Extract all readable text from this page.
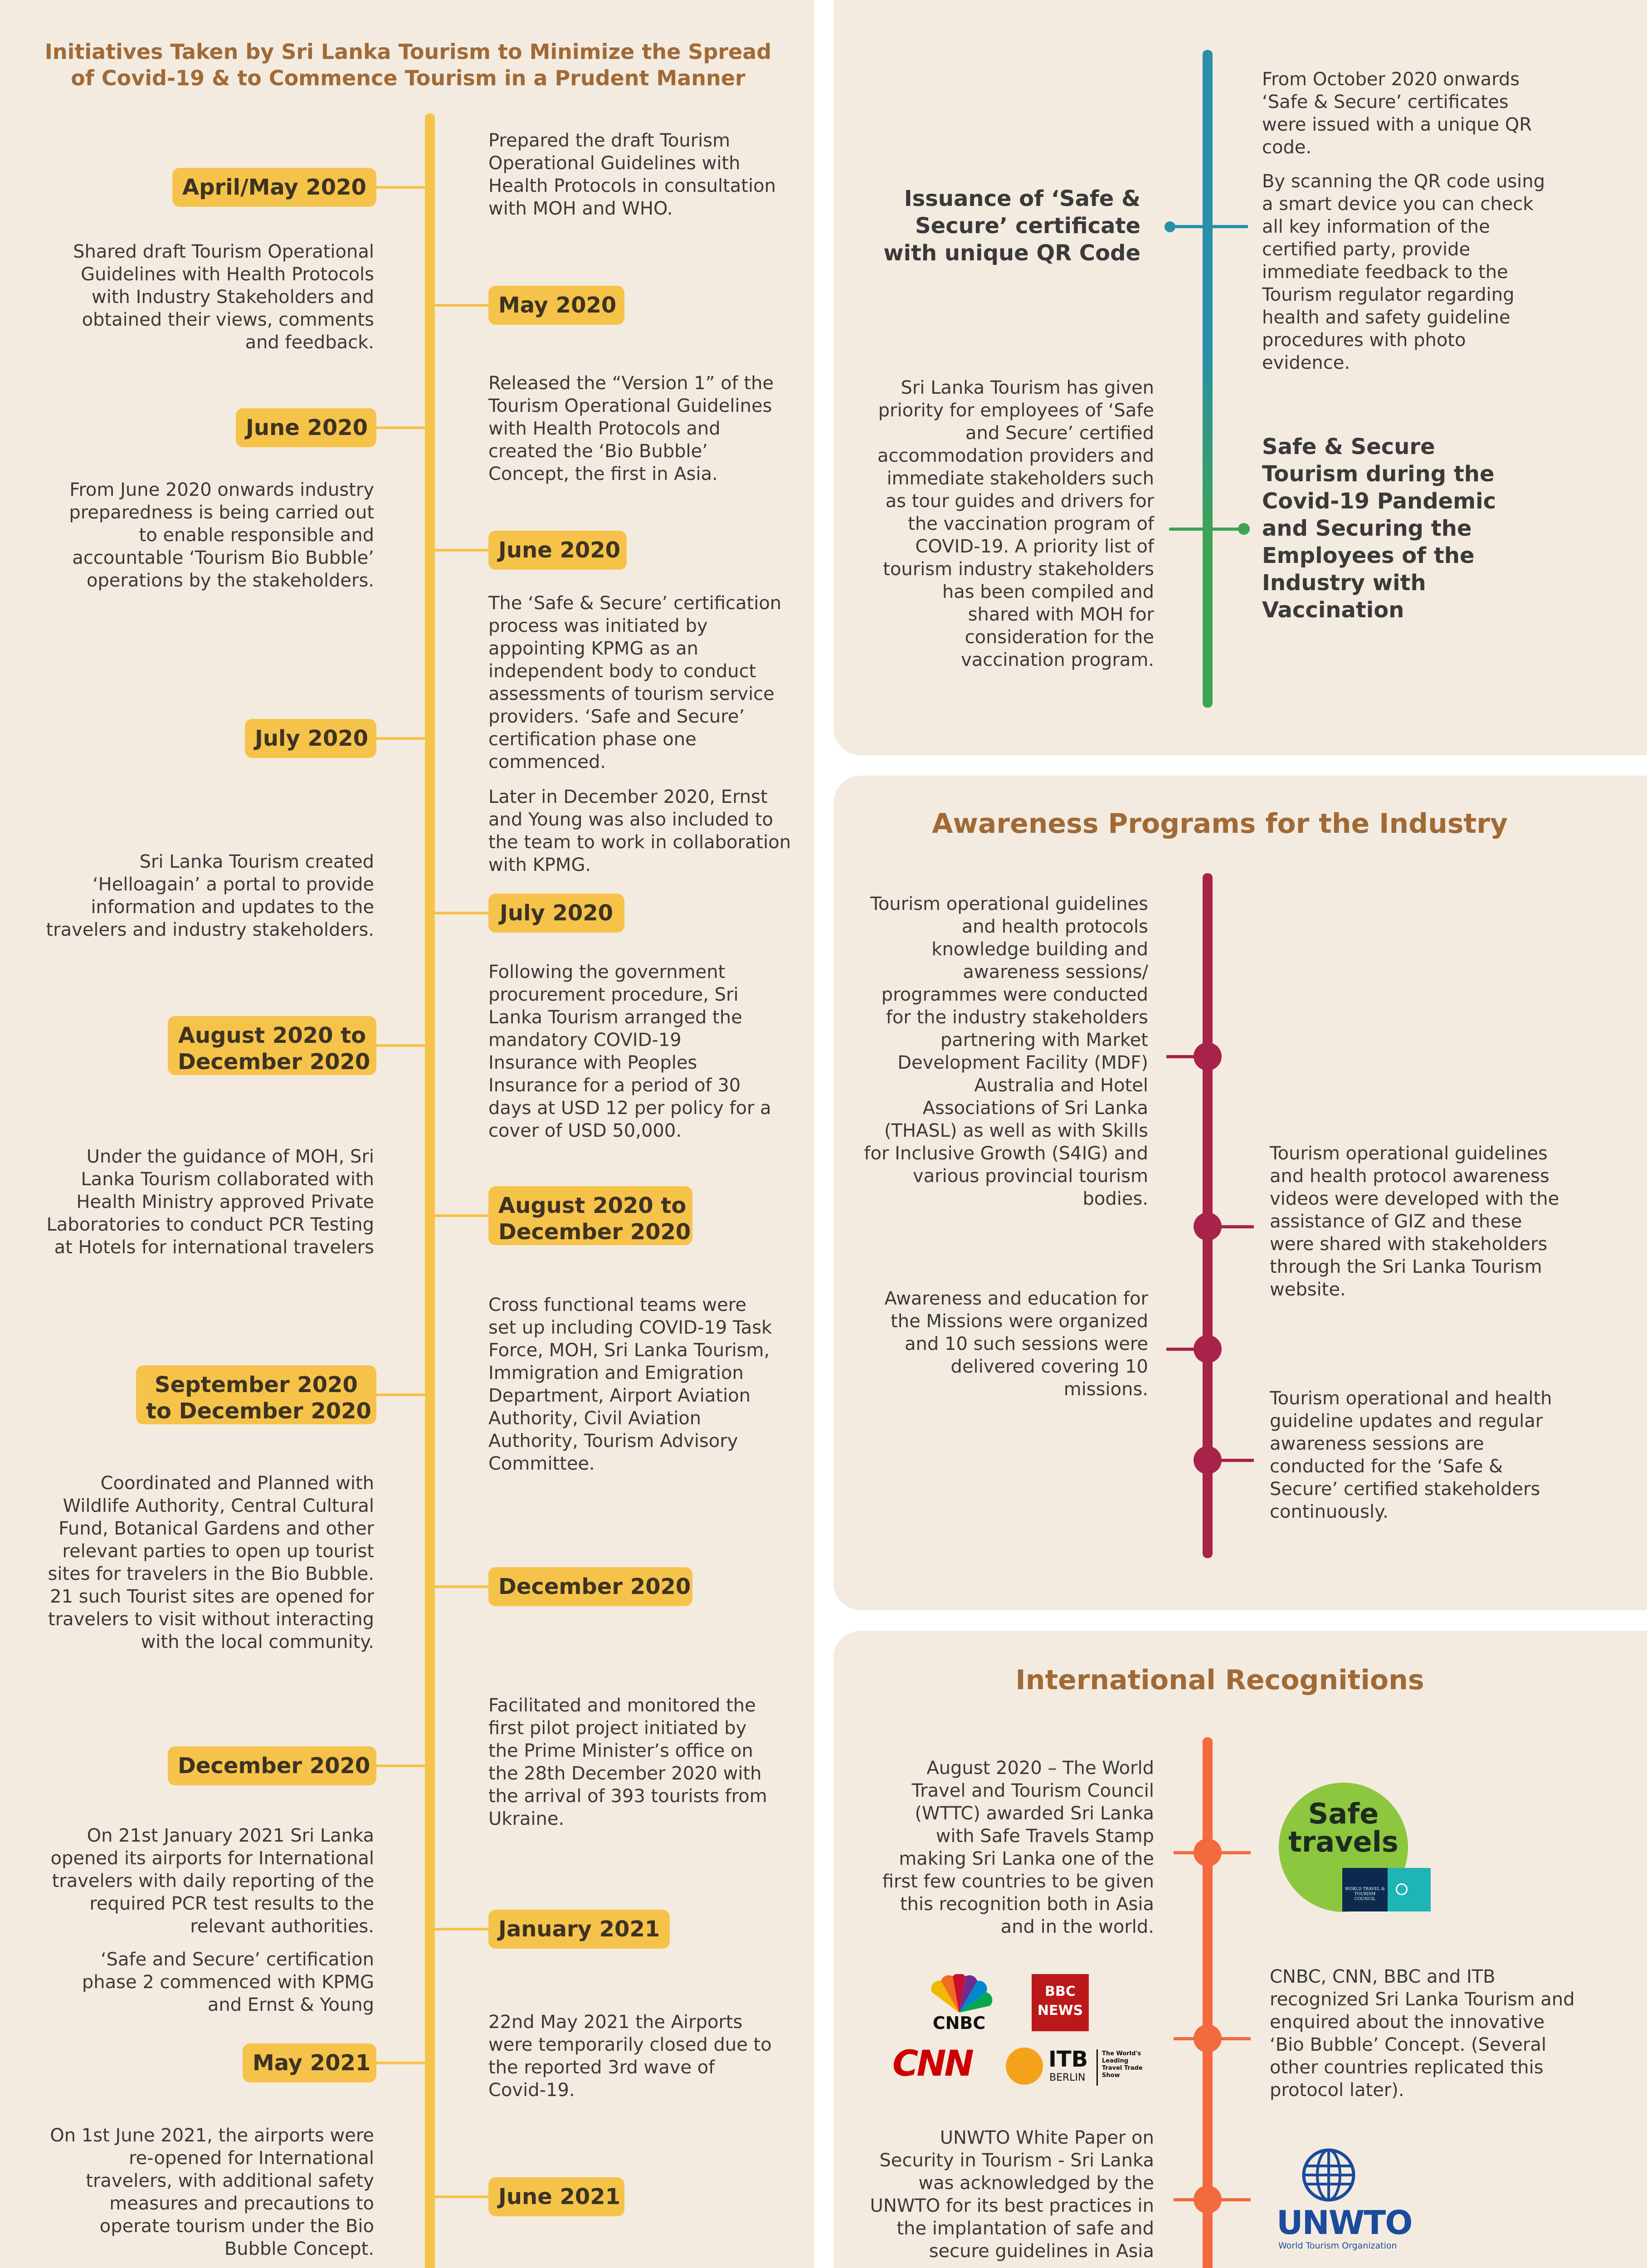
Initiatives Taken by Sri Lanka Tourism to Minimize the Spread
of Covid-19 & to Commence Tourism in a Prudent Manner
April/May 2020
Prepared the draft Tourism Operational Guidelines with Health Protocols in consultation with MOH and WHO.
May 2020
Shared draft Tourism Operational Guidelines with Health Protocols with Industry Stakeholders and obtained their views, comments and feedback.
June 2020
Released the “Version 1” of the Tourism Operational Guidelines with Health Protocols and created the ‘Bio Bubble’ Concept, the first in Asia.
June 2020
From June 2020 onwards industry preparedness is being carried out to enable responsible and accountable ‘Tourism Bio Bubble’ operations by the stakeholders.
July 2020
The ‘Safe & Secure’ certification process was initiated by appointing KPMG as an independent body to conduct assessments of tourism service providers. ‘Safe and Secure’ certification phase one commenced.
July 2020
Later in December 2020, Ernst and Young was also included to the team to work in collaboration with KPMG.
Sri Lanka Tourism created ‘Helloagain’ a portal to provide information and updates to the travelers and industry stakeholders.
August 2020 to
December 2020
Following the government procurement procedure, Sri Lanka Tourism arranged the mandatory COVID-19 Insurance with Peoples Insurance for a period of 30 days at USD 12 per policy for a cover of USD 50,000.
August 2020 to
December 2020
Under the guidance of MOH, Sri Lanka Tourism collaborated with Health Ministry approved Private Laboratories to conduct PCR Testing at Hotels for international travelers
September 2020
to December 2020
Cross functional teams were set up including COVID-19 Task Force, MOH, Sri Lanka Tourism, Immigration and Emigration Department, Airport Aviation Authority, Civil Aviation Authority, Tourism Advisory Committee.
December 2020
Coordinated and Planned with Wildlife Authority, Central Cultural Fund, Botanical Gardens and other relevant parties to open up tourist sites for travelers in the Bio Bubble. 21 such Tourist sites are opened for travelers to visit without interacting with the local community.
December 2020
Facilitated and monitored the first pilot project initiated by the Prime Minister’s office on the 28th December 2020 with the arrival of 393 tourists from Ukraine.
January 2021
On 21st January 2021 Sri Lanka opened its airports for International travelers with daily reporting of the required PCR test results to the relevant authorities.
‘Safe and Secure’ certification phase 2 commenced with KPMG and Ernst & Young
May 2021
22nd May 2021 the Airports were temporarily closed due to the reported 3rd wave of Covid-19.
June 2021
On 1st June 2021, the airports were re-opened for International travelers, with additional safety measures and precautions to operate tourism under the Bio Bubble Concept.
Issuance of ‘Safe & Secure’ certificate with unique QR Code
From October 2020 onwards ‘Safe & Secure’ certificates were issued with a unique QR code.
By scanning the QR code using a smart device you can check all key information of the certified party, provide immediate feedback to the Tourism regulator regarding health and safety guideline procedures with photo evidence.
Sri Lanka Tourism has given priority for employees of ‘Safe and Secure’ certified accommodation providers and immediate stakeholders such as tour guides and drivers for the vaccination program of COVID-19. A priority list of tourism industry stakeholders has been compiled and shared with MOH for consideration for the vaccination program.
Safe & Secure Tourism during the Covid-19 Pandemic and Securing the Employees of the Industry with Vaccination
Awareness Programs for the Industry
Tourism operational guidelines and health protocols knowledge building and awareness sessions/ programmes were conducted for the industry stakeholders partnering with Market Development Facility (MDF) Australia and Hotel Associations of Sri Lanka (THASL) as well as with Skills for Inclusive Growth (S4IG) and various provincial tourism bodies.
Tourism operational guidelines and health protocol awareness videos were developed with the assistance of GIZ and these were shared with stakeholders through the Sri Lanka Tourism website.
Awareness and education for the Missions were organized and 10 such sessions were delivered covering 10 missions.	Tourism operational and health guideline updates and regular awareness sessions are conducted for the ‘Safe & Secure’ certified stakeholders continuously.
International Recognitions
August 2020 – The World Travel and Tourism Council (WTTC) awarded Sri Lanka with Safe Travels Stamp making Sri Lanka one of the first few countries to be given this recognition both in Asia and in the world.
CNBC, CNN, BBC and ITB recognized Sri Lanka Tourism and enquired about the innovative ‘Bio Bubble’ Concept. (Several other countries replicated this protocol later).
UNWTO White Paper on Security in Tourism - Sri Lanka was acknowledged by the UNWTO for its best practices in the implantation of safe and secure guidelines in Asia
Safe
travels
WORLD TRAVEL & TOURISM COUNCIL
CNBC
BBC
NEWS
CNN	ITB
BERLIN
The World's Leading Travel Trade Show
UNWTO
World Tourism Organization
